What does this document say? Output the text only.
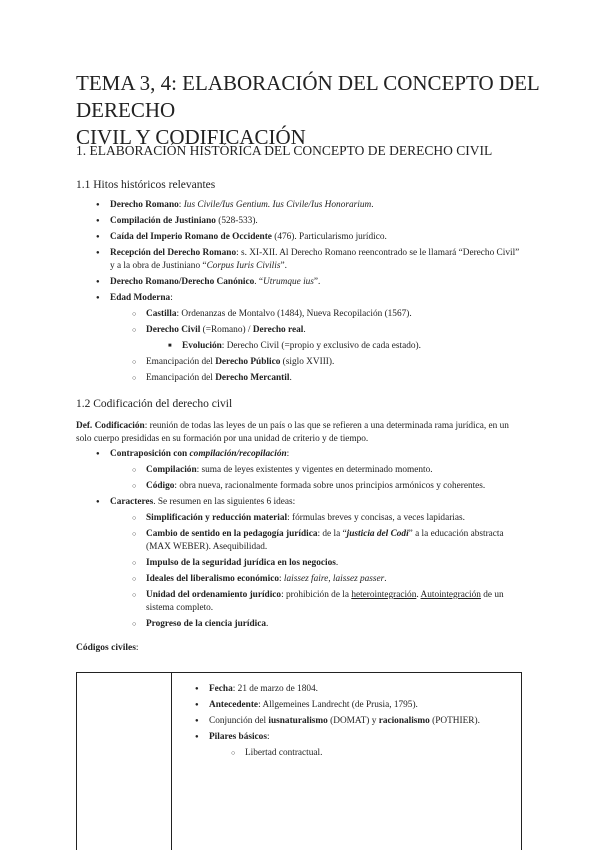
TEMA 3, 4: ELABORACIÓN DEL CONCEPTO DEL DERECHO
CIVIL Y CODIFICACIÓN
1. ELABORACIÓN HISTÓRICA DEL CONCEPTO DE DERECHO CIVIL
1.1 Hitos históricos relevantes
● Derecho Romano: Ius Civile/Ius Gentium. Ius Civile/Ius Honorarium.
● Compilación de Justiniano (528-533).
● Caída del Imperio Romano de Occidente (476). Particularismo jurídico.
● Recepción del Derecho Romano: s. XI-XII. Al Derecho Romano reencontrado se le llamará “Derecho Civil” y a la obra de Justiniano “Corpus Iuris Civilis”.
● Derecho Romano/Derecho Canónico. “Utrumque ius”.
● Edad Moderna:
○ Castilla: Ordenanzas de Montalvo (1484), Nueva Recopilación (1567).
○ Derecho Civil (=Romano) / Derecho real.
■ Evolución: Derecho Civil (=propio y exclusivo de cada estado).
○ Emancipación del Derecho Público (siglo XVIII).
○ Emancipación del Derecho Mercantil.
1.2 Codificación del derecho civil

Def. Codificación: reunión de todas las leyes de un país o las que se refieren a una determinada rama jurídica, en un solo cuerpo presididas en su formación por una unidad de criterio y de tiempo.

● Contraposición con compilación/recopilación:
○ Compilación: suma de leyes existentes y vigentes en determinado momento.
○ Código: obra nueva, racionalmente formada sobre unos principios armónicos y coherentes.
● Caracteres. Se resumen en las siguientes 6 ideas:
○ Simplificación y reducción material: fórmulas breves y concisas, a veces lapidarias.
○ Cambio de sentido en la pedagogía jurídica: de la “justicia del Codi” a la educación abstracta (MAX WEBER). Asequibilidad.
○ Impulso de la seguridad jurídica en los negocios.
○ Ideales del liberalismo económico: laissez faire, laissez passer.
○ Unidad del ordenamiento jurídico: prohibición de la heterointegración. Autointegración de un sistema completo.
○ Progreso de la ciencia jurídica.

Códigos civiles:

● Fecha: 21 de marzo de 1804.
● Antecedente: Allgemeines Landrecht (de Prusia, 1795).
● Conjunción del iusnaturalismo (DOMAT) y racionalismo (POTHIER).
● Pilares básicos:
○ Libertad contractual.
